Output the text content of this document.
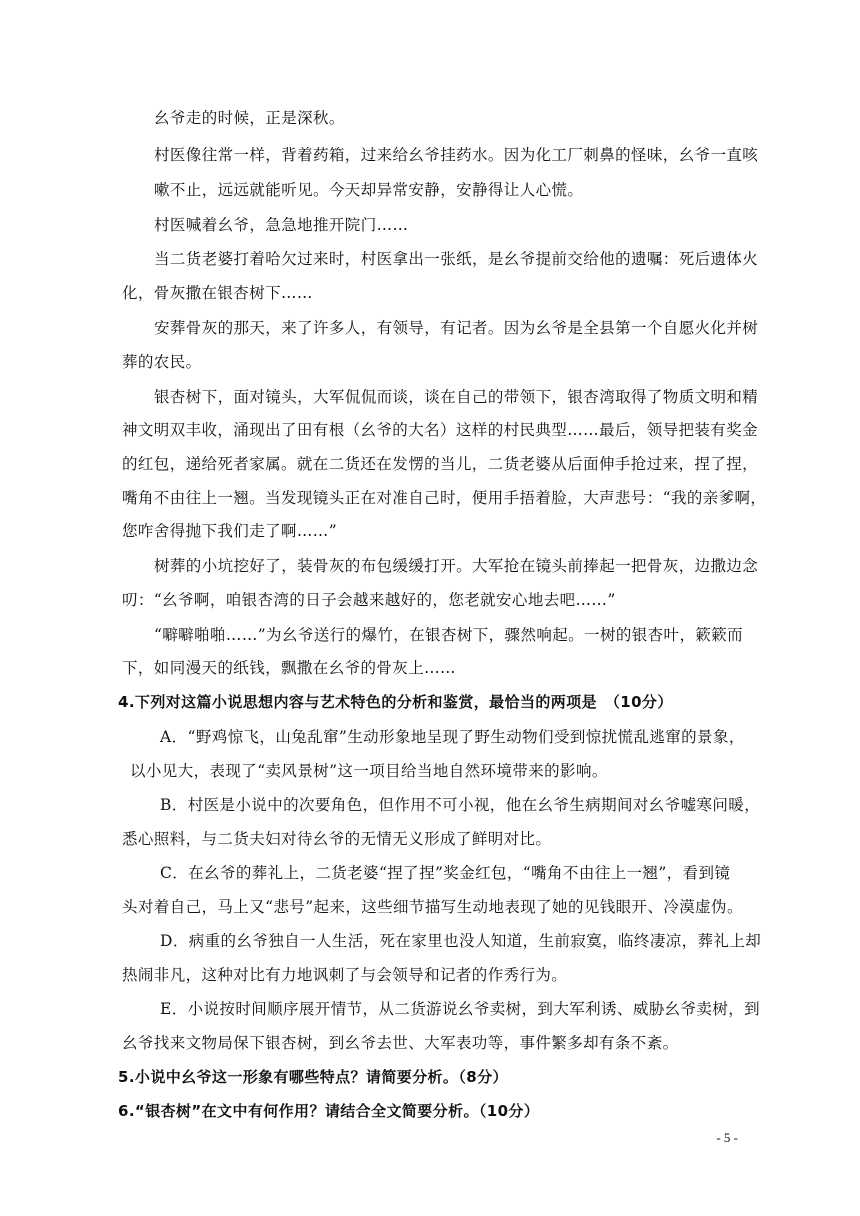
幺爷走的时候，正是深秋。
村医像往常一样，背着药箱，过来给幺爷挂药水。因为化工厂刺鼻的怪味，幺爷一直咳
嗽不止，远远就能听见。今天却异常安静，安静得让人心慌。
村医喊着幺爷，急急地推开院门……
当二货老婆打着哈欠过来时，村医拿出一张纸，是幺爷提前交给他的遗嘱：死后遗体火
化，骨灰撒在银杏树下……
安葬骨灰的那天，来了许多人，有领导，有记者。因为幺爷是全县第一个自愿火化并树
葬的农民。
银杏树下，面对镜头，大军侃侃而谈，谈在自己的带领下，银杏湾取得了物质文明和精
神文明双丰收，涌现出了田有根（幺爷的大名）这样的村民典型……最后，领导把装有奖金
的红包，递给死者家属。就在二货还在发愣的当儿，二货老婆从后面伸手抢过来，捏了捏，
嘴角不由往上一翘。当发现镜头正在对准自己时，便用手捂着脸，大声悲号：“我的亲爹啊，
您咋舍得抛下我们走了啊……”
树葬的小坑挖好了，装骨灰的布包缓缓打开。大军抢在镜头前捧起一把骨灰，边撒边念
叨：“幺爷啊，咱银杏湾的日子会越来越好的，您老就安心地去吧……”
“噼噼啪啪……”为幺爷送行的爆竹，在银杏树下，骤然响起。一树的银杏叶，簌簌而
下，如同漫天的纸钱，飘撒在幺爷的骨灰上……
4.下列对这篇小说思想内容与艺术特色的分析和鉴赏，最恰当的两项是　（10分）
A．“野鸡惊飞，山兔乱窜”生动形象地呈现了野生动物们受到惊扰慌乱逃窜的景象，
以小见大，表现了“卖风景树”这一项目给当地自然环境带来的影响。
B．村医是小说中的次要角色，但作用不可小视，他在幺爷生病期间对幺爷嘘寒问暖，
悉心照料，与二货夫妇对待幺爷的无情无义形成了鲜明对比。
C．在幺爷的葬礼上，二货老婆“捏了捏”奖金红包，“嘴角不由往上一翘”，看到镜
头对着自己，马上又“悲号”起来，这些细节描写生动地表现了她的见钱眼开、冷漠虚伪。
D．病重的幺爷独自一人生活，死在家里也没人知道，生前寂寞，临终凄凉，葬礼上却
热闹非凡，这种对比有力地讽刺了与会领导和记者的作秀行为。
E．小说按时间顺序展开情节，从二货游说幺爷卖树，到大军利诱、威胁幺爷卖树，到
幺爷找来文物局保下银杏树，到幺爷去世、大军表功等，事件繁多却有条不紊。
5.小说中幺爷这一形象有哪些特点？请简要分析。（8分）
6.“银杏树”在文中有何作用？请结合全文简要分析。（10分）
- 5 -
